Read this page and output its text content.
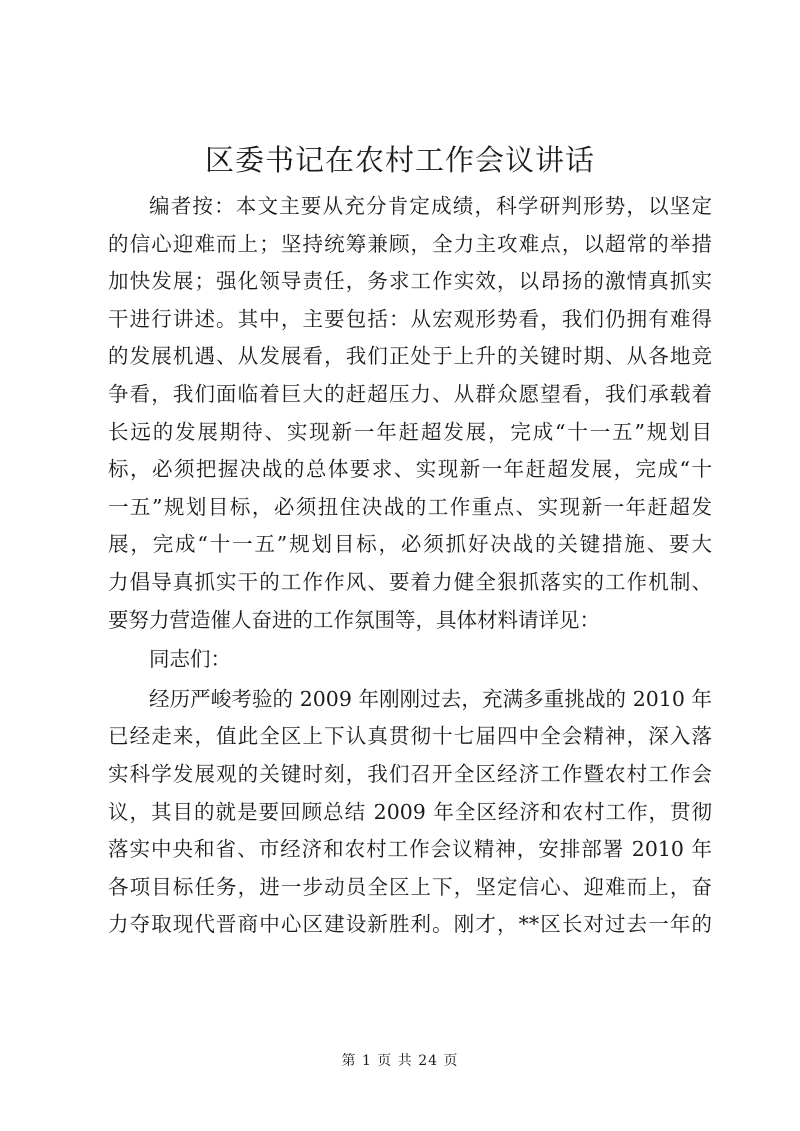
区委书记在农村工作会议讲话
编者按：本文主要从充分肯定成绩，科学研判形势，以坚定
的信心迎难而上；坚持统筹兼顾，全力主攻难点，以超常的举措
加快发展；强化领导责任，务求工作实效，以昂扬的激情真抓实
干进行讲述。其中，主要包括：从宏观形势看，我们仍拥有难得
的发展机遇、从发展看，我们正处于上升的关键时期、从各地竞
争看，我们面临着巨大的赶超压力、从群众愿望看，我们承载着
长远的发展期待、实现新一年赶超发展，完成“十一五”规划目
标，必须把握决战的总体要求、实现新一年赶超发展，完成“十
一五”规划目标，必须扭住决战的工作重点、实现新一年赶超发
展，完成“十一五”规划目标，必须抓好决战的关键措施、要大
力倡导真抓实干的工作作风、要着力健全狠抓落实的工作机制、
要努力营造催人奋进的工作氛围等，具体材料请详见：
同志们：
经历严峻考验的 2009 年刚刚过去，充满多重挑战的 2010 年
已经走来，值此全区上下认真贯彻十七届四中全会精神，深入落
实科学发展观的关键时刻，我们召开全区经济工作暨农村工作会
议，其目的就是要回顾总结 2009 年全区经济和农村工作，贯彻
落实中央和省、市经济和农村工作会议精神，安排部署 2010 年
各项目标任务，进一步动员全区上下，坚定信心、迎难而上，奋
力夺取现代晋商中心区建设新胜利。刚才，**区长对过去一年的
第 1 页 共 24 页
